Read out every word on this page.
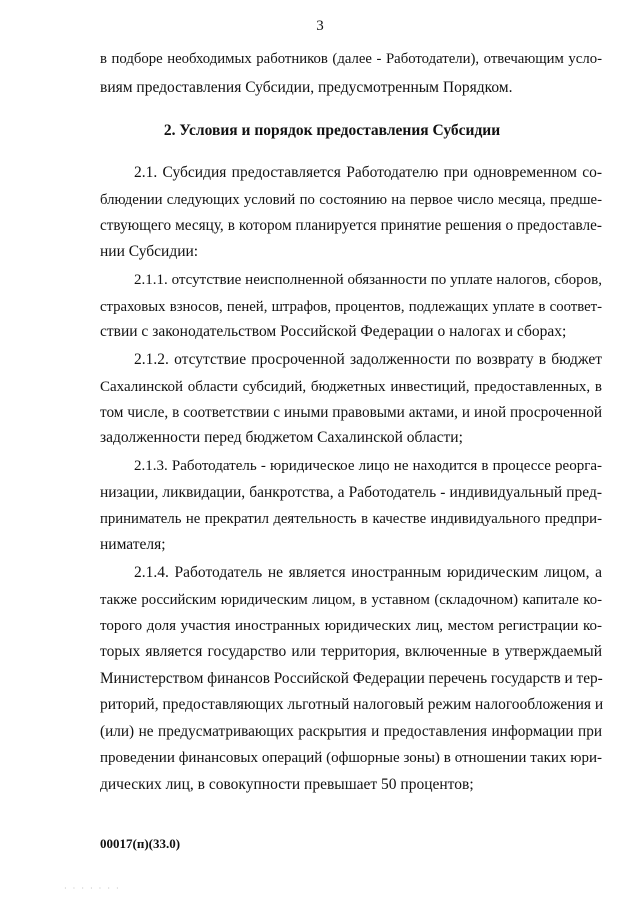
3
в подборе необходимых работников (далее - Работодатели), отвечающим усло-
виям предоставления Субсидии, предусмотренным Порядком.
2. Условия и порядок предоставления Субсидии
2.1. Субсидия предоставляется Работодателю при одновременном со-
блюдении следующих условий по состоянию на первое число месяца, предше-
ствующего месяцу, в котором планируется принятие решения о предоставле-
нии Субсидии:
2.1.1. отсутствие неисполненной обязанности по уплате налогов, сборов,
страховых взносов, пеней, штрафов, процентов, подлежащих уплате в соответ-
ствии с законодательством Российской Федерации о налогах и сборах;
2.1.2. отсутствие просроченной задолженности по возврату в бюджет
Сахалинской области субсидий, бюджетных инвестиций, предоставленных, в
том числе, в соответствии с иными правовыми актами, и иной просроченной
задолженности перед бюджетом Сахалинской области;
2.1.3. Работодатель - юридическое лицо не находится в процессе реорга-
низации, ликвидации, банкротства, а Работодатель - индивидуальный пред-
приниматель не прекратил деятельность в качестве индивидуального предпри-
нимателя;
2.1.4. Работодатель не является иностранным юридическим лицом, а
также российским юридическим лицом, в уставном (складочном) капитале ко-
торого доля участия иностранных юридических лиц, местом регистрации ко-
торых является государство или территория, включенные в утверждаемый
Министерством финансов Российской Федерации перечень государств и тер-
риторий, предоставляющих льготный налоговый режим налогообложения и
(или) не предусматривающих раскрытия и предоставления информации при
проведении финансовых операций (офшорные зоны) в отношении таких юри-
дических лиц, в совокупности превышает 50 процентов;
00017(п)(33.0)
· · · · · · ·
